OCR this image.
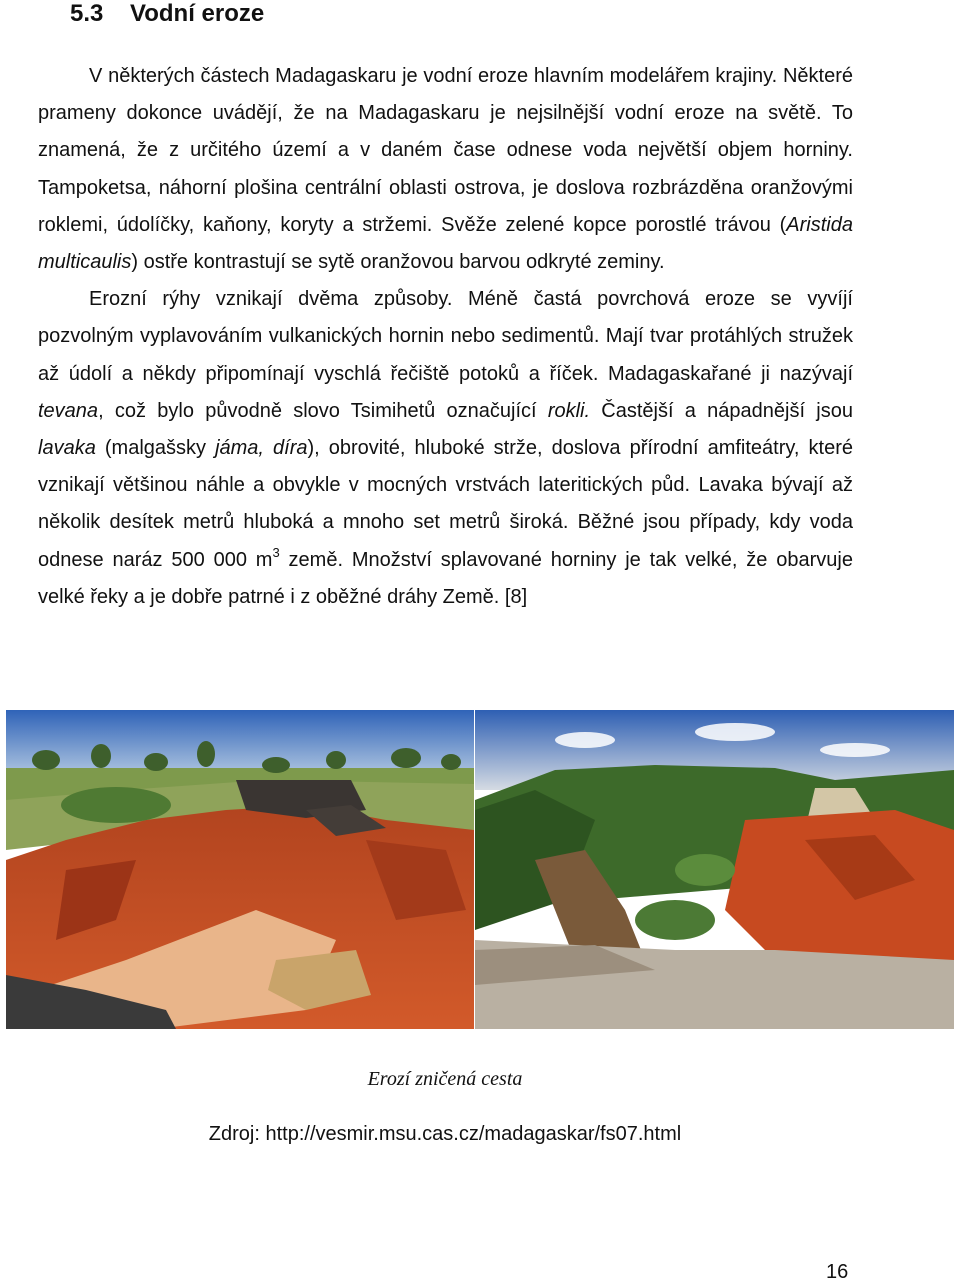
5.3 Vodní eroze

V některých částech Madagaskaru je vodní eroze hlavním modelářem krajiny. Některé prameny dokonce uvádějí, že na Madagaskaru je nejsilnější vodní eroze na světě. To znamená, že z určitého území a v daném čase odnese voda největší objem horniny. Tampoketsa, náhorní plošina centrální oblasti ostrova, je doslova rozbrázděna oranžovými roklemi, údolíčky, kaňony, koryty a stržemi. Svěže zelené kopce porostlé trávou (Aristida multicaulis) ostře kontrastují se sytě oranžovou barvou odkryté zeminy.

Erozní rýhy vznikají dvěma způsoby. Méně častá povrchová eroze se vyvíjí pozvolným vyplavováním vulkanických hornin nebo sedimentů. Mají tvar protáhlých stružek až údolí a někdy připomínají vyschlá řečiště potoků a říček. Madagaskařané ji nazývají tevana, což bylo původně slovo Tsimihetů označující rokli. Častější a nápadnější jsou lavaka (malgašsky jáma, díra), obrovité, hluboké strže, doslova přírodní amfiteátry, které vznikají většinou náhle a obvykle v mocných vrstvách lateritických půd. Lavaka bývají až několik desítek metrů hluboká a mnoho set metrů široká. Běžné jsou případy, kdy voda odnese naráz 500 000 $m^3$ země. Množství splavované horniny je tak velké, že obarvuje velké řeky a je dobře patrné i z oběžné dráhy Země. [8]

Erozí zničená cesta
Zdroj: http://vesmir.msu.cas.cz/madagaskar/fs07.html
16
